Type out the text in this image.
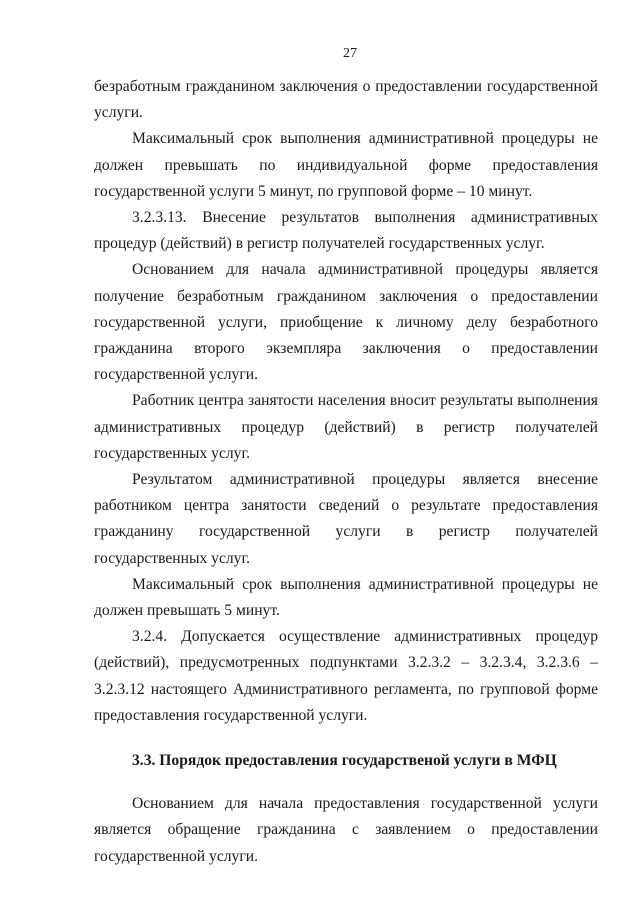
27

безработным гражданином заключения о предоставлении государственной услуги.

Максимальный срок выполнения административной процедуры не должен превышать по индивидуальной форме предоставления государственной услуги 5 минут, по групповой форме – 10 минут.

3.2.3.13. Внесение результатов выполнения административных процедур (действий) в регистр получателей государственных услуг.

Основанием для начала административной процедуры является получение безработным гражданином заключения о предоставлении государственной услуги, приобщение к личному делу безработного гражданина второго экземпляра заключения о предоставлении государственной услуги.

Работник центра занятости населения вносит результаты выполнения административных процедур (действий) в регистр получателей государственных услуг.

Результатом административной процедуры является внесение работником центра занятости сведений о результате предоставления гражданину государственной услуги в регистр получателей государственных услуг.

Максимальный срок выполнения административной процедуры не должен превышать 5 минут.

3.2.4. Допускается осуществление административных процедур (действий), предусмотренных подпунктами 3.2.3.2 – 3.2.3.4, 3.2.3.6 – 3.2.3.12 настоящего Административного регламента, по групповой форме предоставления государственной услуги.

3.3. Порядок предоставления государственой услуги в МФЦ

Основанием для начала предоставления государственной услуги является обращение гражданина с заявлением о предоставлении государственной услуги.
